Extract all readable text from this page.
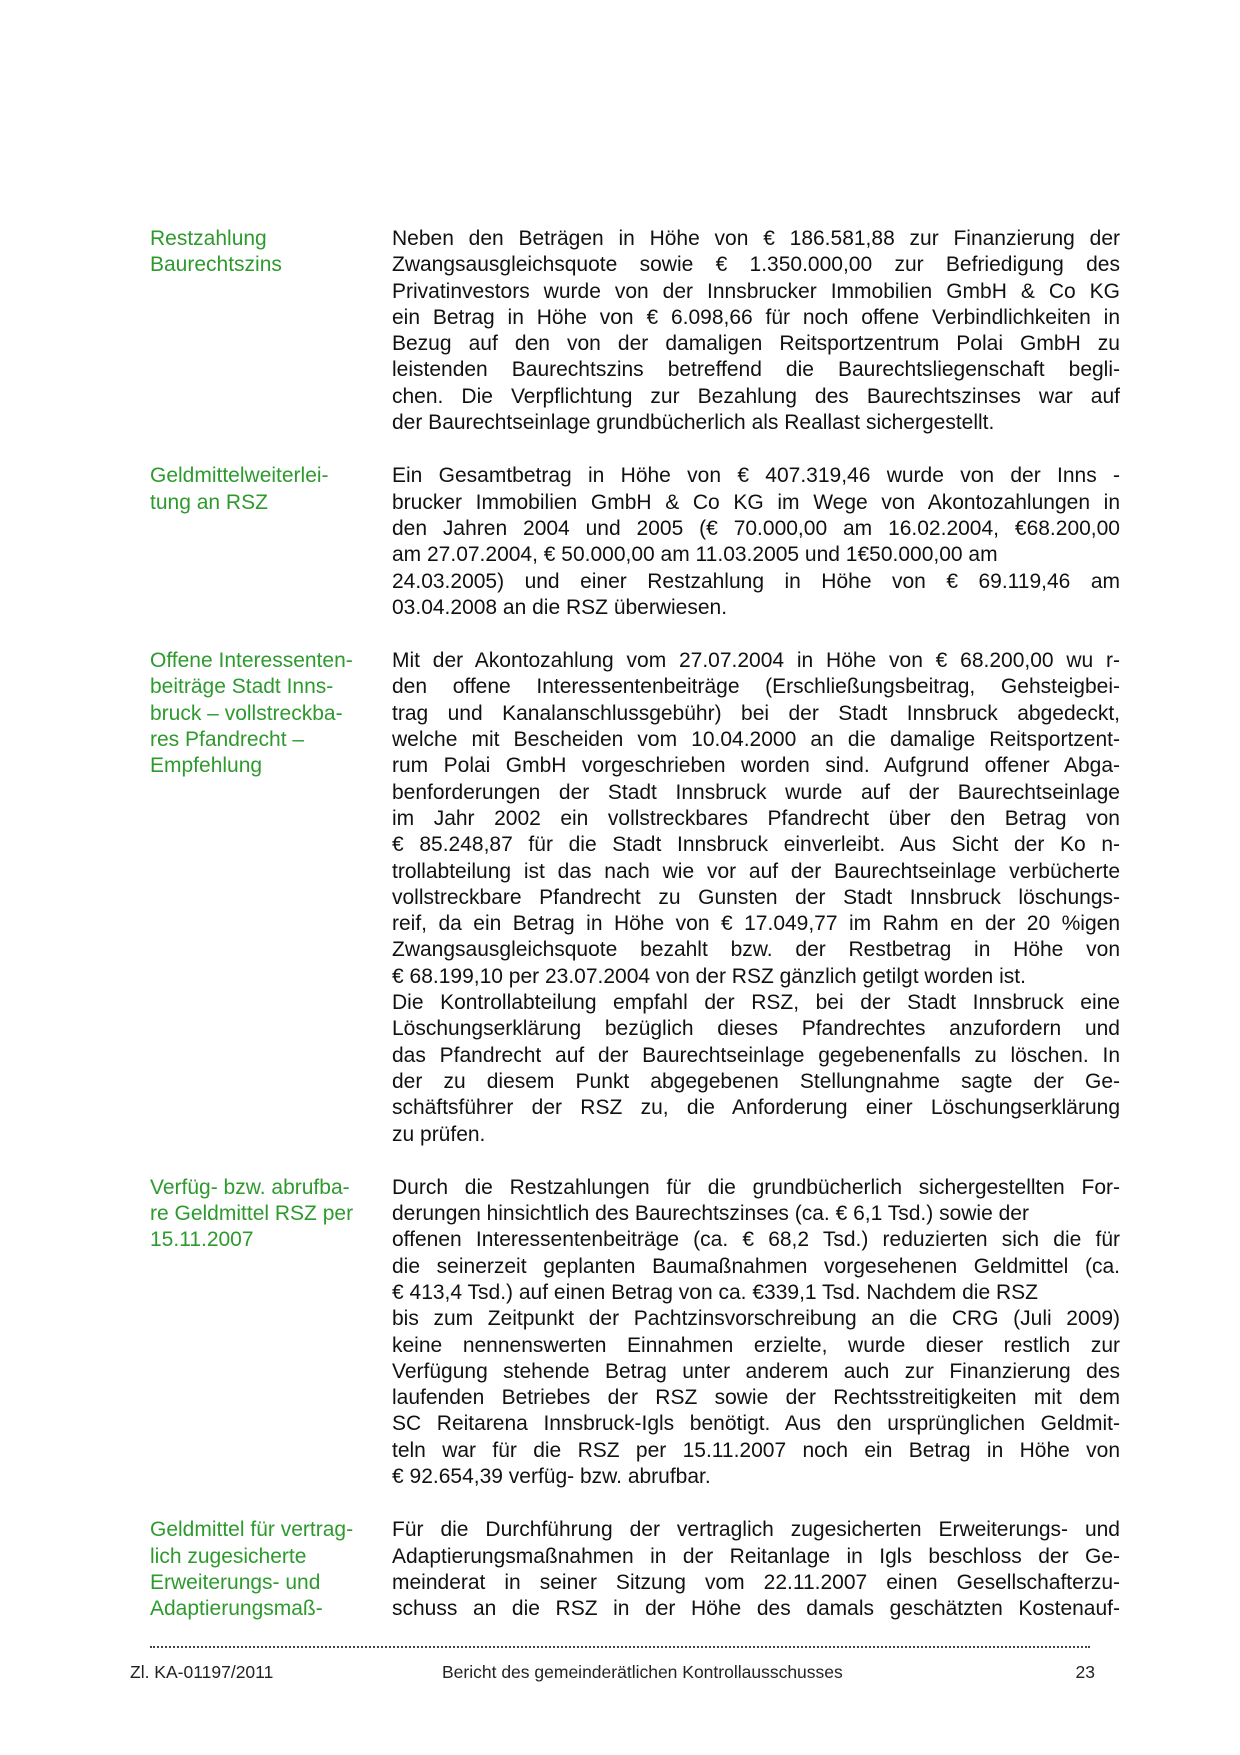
Restzahlung
Baurechtszins
Neben den Beträgen in Höhe von € 186.581,88 zur Finanzierung der
Zwangsausgleichsquote sowie € 1.350.000,00 zur Befriedigung des
Privatinvestors wurde von der Innsbrucker Immobilien GmbH & Co KG
ein Betrag in Höhe von € 6.098,66 für noch offene Verbindlichkeiten in
Bezug auf den von der damaligen Reitsportzentrum Polai GmbH zu
leistenden Baurechtszins betreffend die Baurechtsliegenschaft begli-
chen. Die Verpflichtung zur Bezahlung des Baurechtszinses war auf
der Baurechtseinlage grundbücherlich als Reallast sichergestellt.
Geldmittelweiterlei-
tung an RSZ
Ein Gesamtbetrag in Höhe von € 407.319,46 wurde von der Inns -
brucker Immobilien GmbH & Co KG im Wege von Akontozahlungen in
den Jahren 2004 und 2005 (€ 70.000,00 am 16.02.2004, €68.200,00
am 27.07.2004, € 50.000,00 am 11.03.2005 und 1€50.000,00 am
24.03.2005) und einer Restzahlung in Höhe von € 69.119,46 am
03.04.2008 an die RSZ überwiesen.
Offene Interessenten-
beiträge Stadt Inns-
bruck – vollstreckba-
res Pfandrecht –
Empfehlung
Mit der Akontozahlung vom 27.07.2004 in Höhe von € 68.200,00 wu r-
den offene Interessentenbeiträge (Erschließungsbeitrag, Gehsteigbei-
trag und Kanalanschlussgebühr) bei der Stadt Innsbruck abgedeckt,
welche mit Bescheiden vom 10.04.2000 an die damalige Reitsportzent-
rum Polai GmbH vorgeschrieben worden sind. Aufgrund offener Abga-
benforderungen der Stadt Innsbruck wurde auf der Baurechtseinlage
im Jahr 2002 ein vollstreckbares Pfandrecht über den Betrag von
€ 85.248,87 für die Stadt Innsbruck einverleibt. Aus Sicht der Ko n-
trollabteilung ist das nach wie vor auf der Baurechtseinlage verbücherte
vollstreckbare Pfandrecht zu Gunsten der Stadt Innsbruck löschungs-
reif, da ein Betrag in Höhe von € 17.049,77 im Rahm en der 20 %igen
Zwangsausgleichsquote bezahlt bzw. der Restbetrag in Höhe von
€ 68.199,10 per 23.07.2004 von der RSZ gänzlich getilgt worden ist.
Die Kontrollabteilung empfahl der RSZ, bei der Stadt Innsbruck eine
Löschungserklärung bezüglich dieses Pfandrechtes anzufordern und
das Pfandrecht auf der Baurechtseinlage gegebenenfalls zu löschen. In
der zu diesem Punkt abgegebenen Stellungnahme sagte der Ge-
schäftsführer der RSZ zu, die Anforderung einer Löschungserklärung
zu prüfen.
Verfüg- bzw. abrufba-
re Geldmittel RSZ per
15.11.2007
Durch die Restzahlungen für die grundbücherlich sichergestellten For-
derungen hinsichtlich des Baurechtszinses (ca. € 6,1 Tsd.) sowie der
offenen Interessentenbeiträge (ca. € 68,2 Tsd.) reduzierten sich die für
die seinerzeit geplanten Baumaßnahmen vorgesehenen Geldmittel (ca.
€ 413,4 Tsd.) auf einen Betrag von ca. €339,1 Tsd. Nachdem die RSZ
bis zum Zeitpunkt der Pachtzinsvorschreibung an die CRG (Juli 2009)
keine nennenswerten Einnahmen erzielte, wurde dieser restlich zur
Verfügung stehende Betrag unter anderem auch zur Finanzierung des
laufenden Betriebes der RSZ sowie der Rechtsstreitigkeiten mit dem
SC Reitarena Innsbruck-Igls benötigt. Aus den ursprünglichen Geldmit-
teln war für die RSZ per 15.11.2007 noch ein Betrag in Höhe von
€ 92.654,39 verfüg- bzw. abrufbar.
Geldmittel für vertrag-
lich zugesicherte
Erweiterungs- und
Adaptierungsmaß-
Für die Durchführung der vertraglich zugesicherten Erweiterungs- und
Adaptierungsmaßnahmen in der Reitanlage in Igls beschloss der Ge-
meinderat in seiner Sitzung vom 22.11.2007 einen Gesellschafterzu-
schuss an die RSZ in der Höhe des damals geschätzten Kostenauf-
Zl. KA-01197/2011	Bericht des gemeinderätlichen Kontrollausschusses	23
